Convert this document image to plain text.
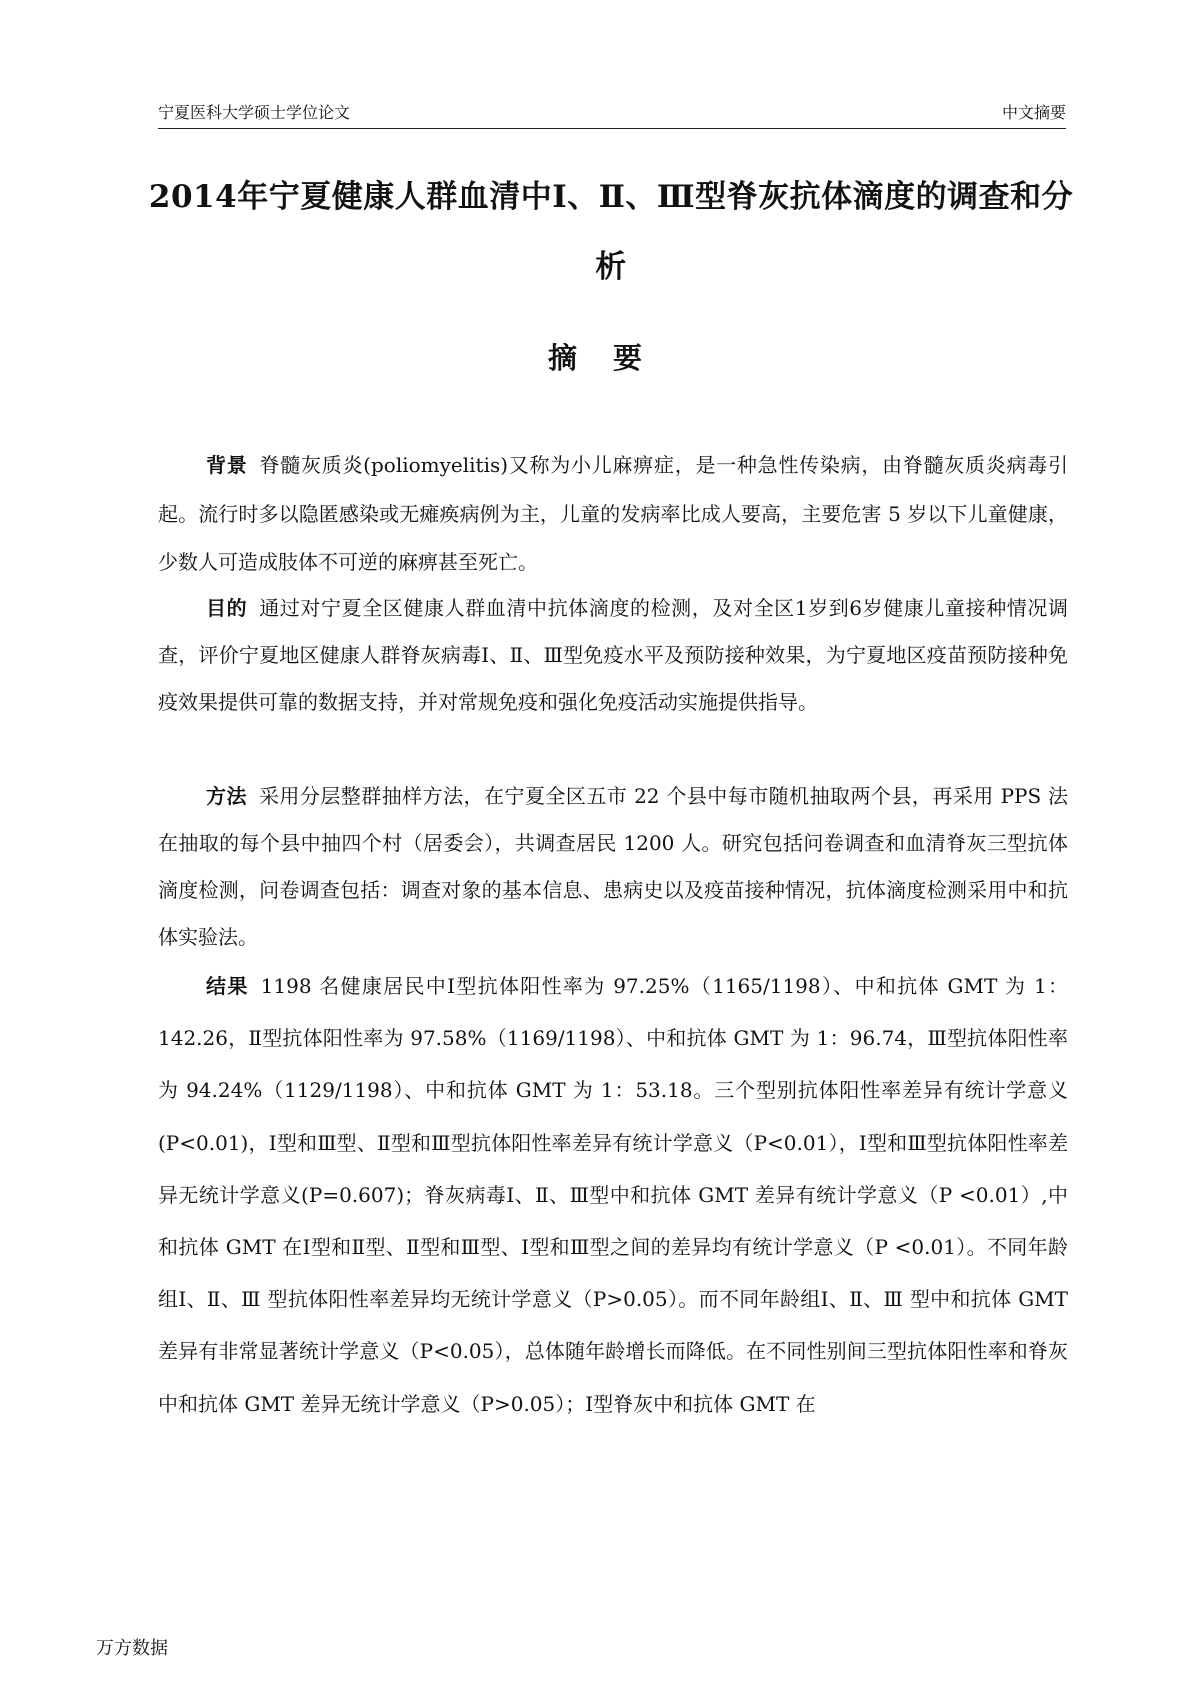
宁夏医科大学硕士学位论文	中文摘要
2014年宁夏健康人群血清中Ⅰ、Ⅱ、Ⅲ型脊灰抗体滴度的调查和分析
摘要

背景 脊髓灰质炎(poliomyelitis)又称为小儿麻痹症，是一种急性传染病，由脊髓灰质炎病毒引起。流行时多以隐匿感染或无瘫痪病例为主，儿童的发病率比成人要高，主要危害 5 岁以下儿童健康，少数人可造成肢体不可逆的麻痹甚至死亡。

目的 通过对宁夏全区健康人群血清中抗体滴度的检测，及对全区1岁到6岁健康儿童接种情况调查，评价宁夏地区健康人群脊灰病毒Ⅰ、Ⅱ、Ⅲ型免疫水平及预防接种效果，为宁夏地区疫苗预防接种免疫效果提供可靠的数据支持，并对常规免疫和强化免疫活动实施提供指导。

方法 采用分层整群抽样方法，在宁夏全区五市 22 个县中每市随机抽取两个县，再采用 PPS 法在抽取的每个县中抽四个村（居委会），共调查居民 1200 人。研究包括问卷调查和血清脊灰三型抗体滴度检测，问卷调查包括：调查对象的基本信息、患病史以及疫苗接种情况，抗体滴度检测采用中和抗体实验法。

结果 1198 名健康居民中Ⅰ型抗体阳性率为 97.25%（1165/1198）、中和抗体 GMT 为 1：142.26，Ⅱ型抗体阳性率为 97.58%（1169/1198）、中和抗体 GMT 为 1：96.74，Ⅲ型抗体阳性率为 94.24%（1129/1198）、中和抗体 GMT 为 1：53.18。三个型别抗体阳性率差异有统计学意义(P<0.01)，Ⅰ型和Ⅲ型、Ⅱ型和Ⅲ型抗体阳性率差异有统计学意义（P<0.01），Ⅰ型和Ⅲ型抗体阳性率差异无统计学意义(P=0.607)；脊灰病毒Ⅰ、Ⅱ、Ⅲ型中和抗体 GMT 差异有统计学意义（P <0.01）,中和抗体 GMT 在Ⅰ型和Ⅱ型、Ⅱ型和Ⅲ型、Ⅰ型和Ⅲ型之间的差异均有统计学意义（P <0.01）。不同年龄组Ⅰ、Ⅱ、Ⅲ 型抗体阳性率差异均无统计学意义（P>0.05）。而不同年龄组Ⅰ、Ⅱ、Ⅲ 型中和抗体 GMT 差异有非常显著统计学意义（P<0.05），总体随年龄增长而降低。在不同性别间三型抗体阳性率和脊灰中和抗体 GMT 差异无统计学意义（P>0.05）；Ⅰ型脊灰中和抗体 GMT 在

万方数据
